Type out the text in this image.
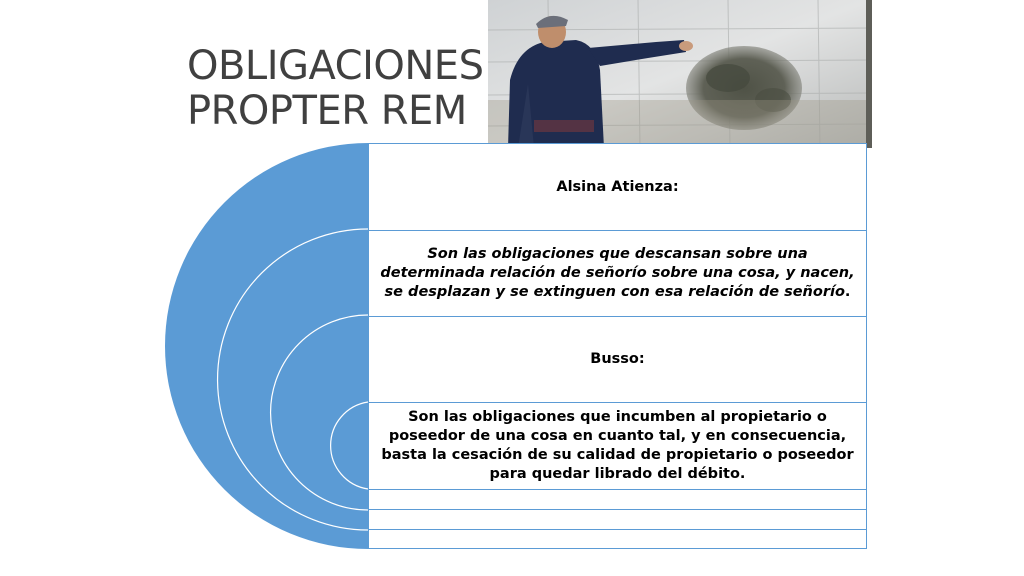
OBLIGACIONES
PROPTER REM
Alsina Atienza:
Son las obligaciones que descansan sobre una determinada relación de señorío sobre una cosa, y nacen, se desplazan y se extinguen con esa relación de señorío.
Busso:
Son las obligaciones que incumben al propietario o poseedor de una cosa en cuanto tal, y en consecuencia, basta la cesación de su calidad de propietario o poseedor para quedar librado del débito.
